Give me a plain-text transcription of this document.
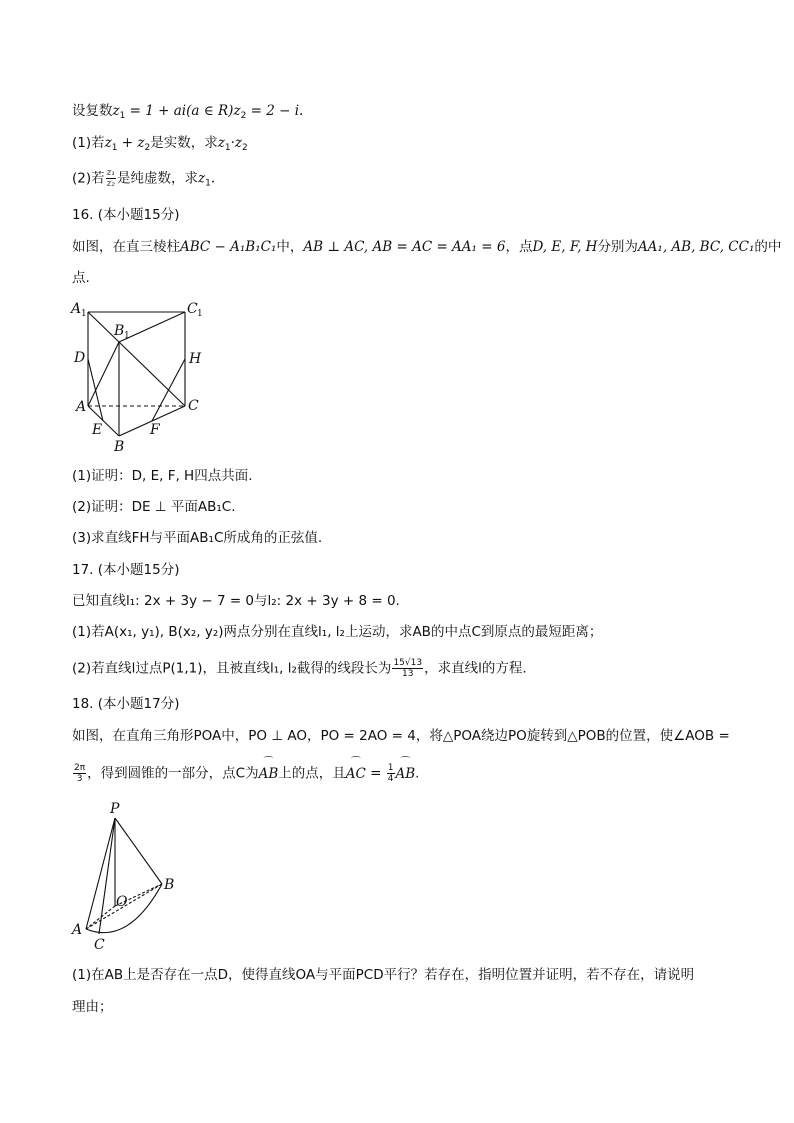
设复数$z_1 = 1 + ai(a$ ∈ $R)z_2 = 2 - i$.
(1)若$z_1 + z_2$是实数，求$z_1\cdot z_2$
(2)若 $\frac{\text{z₁}}{\text{z₂}}$ 是纯虚数，求$z_1$.
16. (本小题15分)
如图，在直三棱柱ABC − A₁B₁C₁中，AB ⊥ AC, AB = AC = AA₁ = 6，点D, E, F, H分别为AA₁, AB, BC, CC₁的中
点.
A 1	C 1
B 1
D	H
A	C
E	F
B
(1)证明：D, E, F, H四点共面.
(2)证明：DE ⊥ 平面AB₁C.
(3)求直线FH与平面AB₁C所成角的正弦值.
17. (本小题15分)
已知直线l₁: 2x + 3y − 7 = 0与l₂: 2x + 3y + 8 = 0.
(1)若A(x₁, y₁), B(x₂, y₂)两点分别在直线l₁, l₂上运动，求AB的中点C到原点的最短距离；
(2)若直线l过点P(1,1)，且被直线l₁, l₂截得的线段长为 $\frac{15√13}{13}$ ，求直线l的方程.
18. (本小题17分)
如图，在直角三角形POA中，PO ⊥ AO，PO = 2AO = 4，将△POA绕边PO旋转到△POB的位置，使∠AOB =
$\frac{2\pi}{3}$ ，得到圆锥的一部分，点C为⌒ AB上的点，且⌒ AC = $\frac{1}{4}$
⌒ AB.
P
O
A
B
C
(1)在AB上是否存在一点D，使得直线OA与平面PCD平行？若存在，指明位置并证明，若不存在，请说明
理由；
